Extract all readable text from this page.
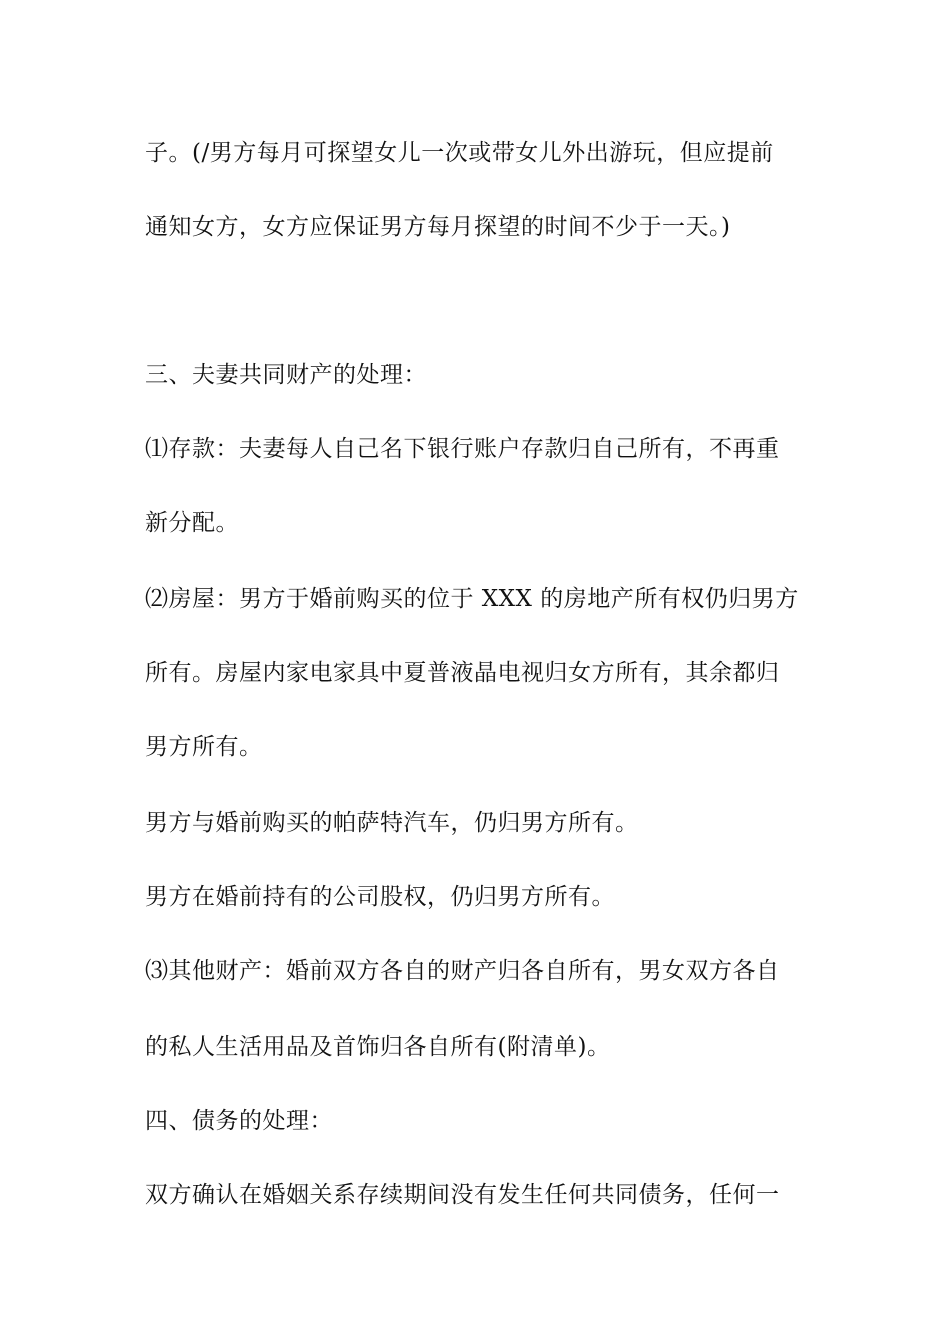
子。(/男方每月可探望女儿一次或带女儿外出游玩，但应提前

通知女方，女方应保证男方每月探望的时间不少于一天。)

三、夫妻共同财产的处理：

⑴存款：夫妻每人自己名下银行账户存款归自己所有，不再重

新分配。

⑵房屋：男方于婚前购买的位于 XXX 的房地产所有权仍归男方

所有。房屋内家电家具中夏普液晶电视归女方所有，其余都归

男方所有。

男方与婚前购买的帕萨特汽车，仍归男方所有。

男方在婚前持有的公司股权，仍归男方所有。

⑶其他财产：婚前双方各自的财产归各自所有，男女双方各自

的私人生活用品及首饰归各自所有(附清单)。

四、债务的处理：

双方确认在婚姻关系存续期间没有发生任何共同债务，任何一
